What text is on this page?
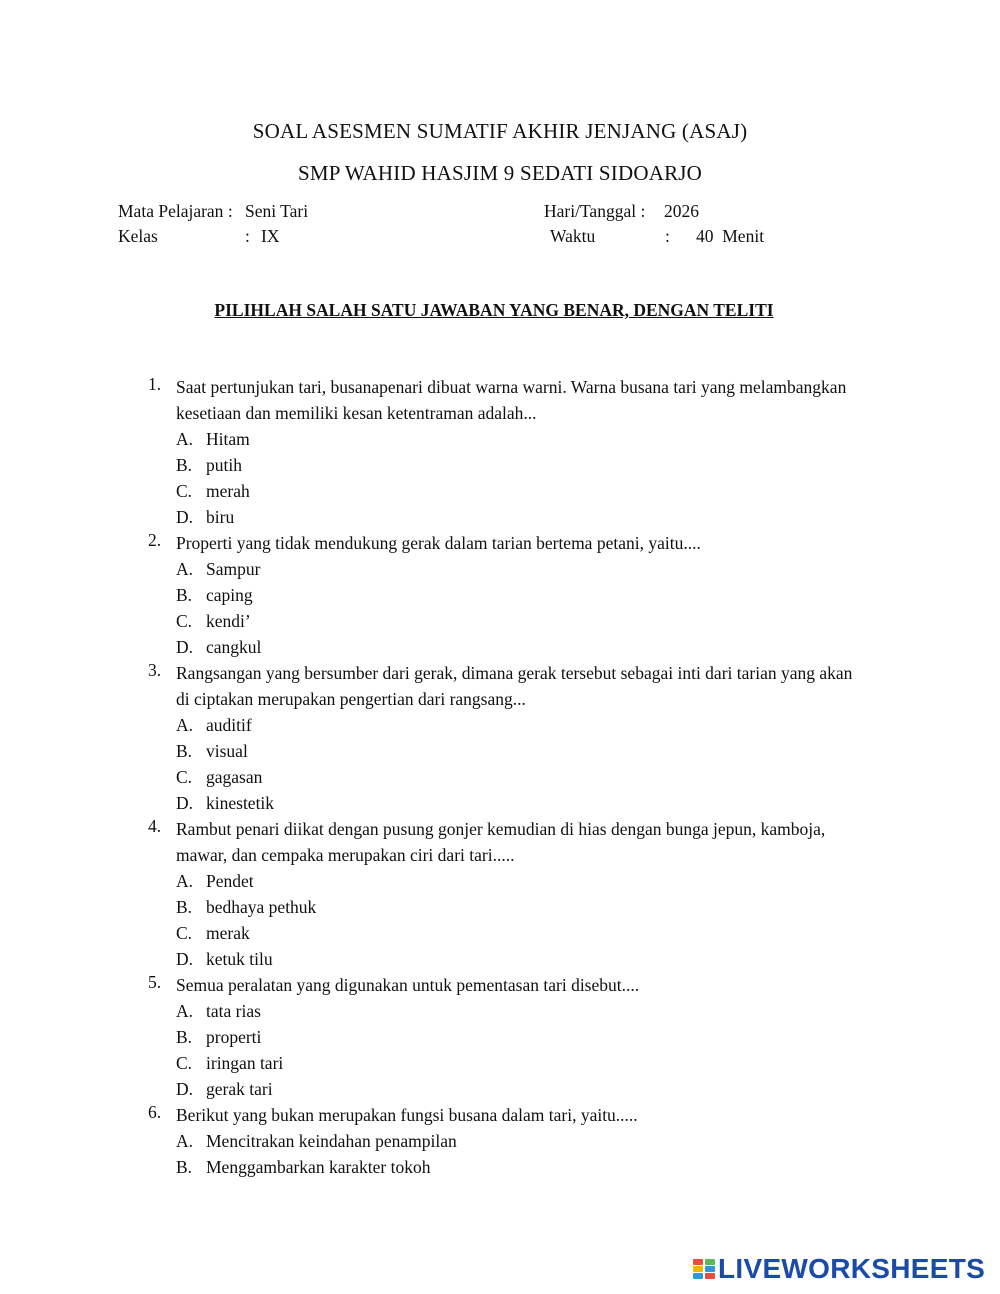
SOAL ASESMEN SUMATIF AKHIR JENJANG (ASAJ)
SMP WAHID HASJIM 9 SEDATI SIDOARJO
Mata Pelajaran : Seni Tari
Kelas	: IX
Hari/Tanggal : 2026
Waktu	: 40  Menit
PILIHLAH SALAH SATU JAWABAN YANG BENAR, DENGAN TELITI
1. Saat pertunjukan tari, busanapenari dibuat warna warni. Warna busana tari yang melambangkan kesetiaan dan memiliki kesan ketentraman adalah...
A. Hitam
B. putih
C. merah
D. biru
2. Properti yang tidak mendukung gerak dalam tarian bertema petani, yaitu....
A. Sampur
B. caping
C. kendi’
D. cangkul
3. Rangsangan yang bersumber dari gerak, dimana gerak tersebut sebagai inti dari tarian yang akan di ciptakan merupakan pengertian dari rangsang...
A. auditif
B. visual
C. gagasan
D. kinestetik
4. Rambut penari diikat dengan pusung gonjer kemudian di hias dengan bunga jepun, kamboja, mawar, dan cempaka merupakan ciri dari tari.....
A. Pendet
B. bedhaya pethuk
C. merak
D. ketuk tilu
5. Semua peralatan yang digunakan untuk pementasan tari disebut....
A. tata rias
B. properti
C. iringan tari
D. gerak tari
6. Berikut yang bukan merupakan fungsi busana dalam tari, yaitu.....
A. Mencitrakan keindahan penampilan
B. Menggambarkan karakter tokoh
LIVEWORKSHEETS
